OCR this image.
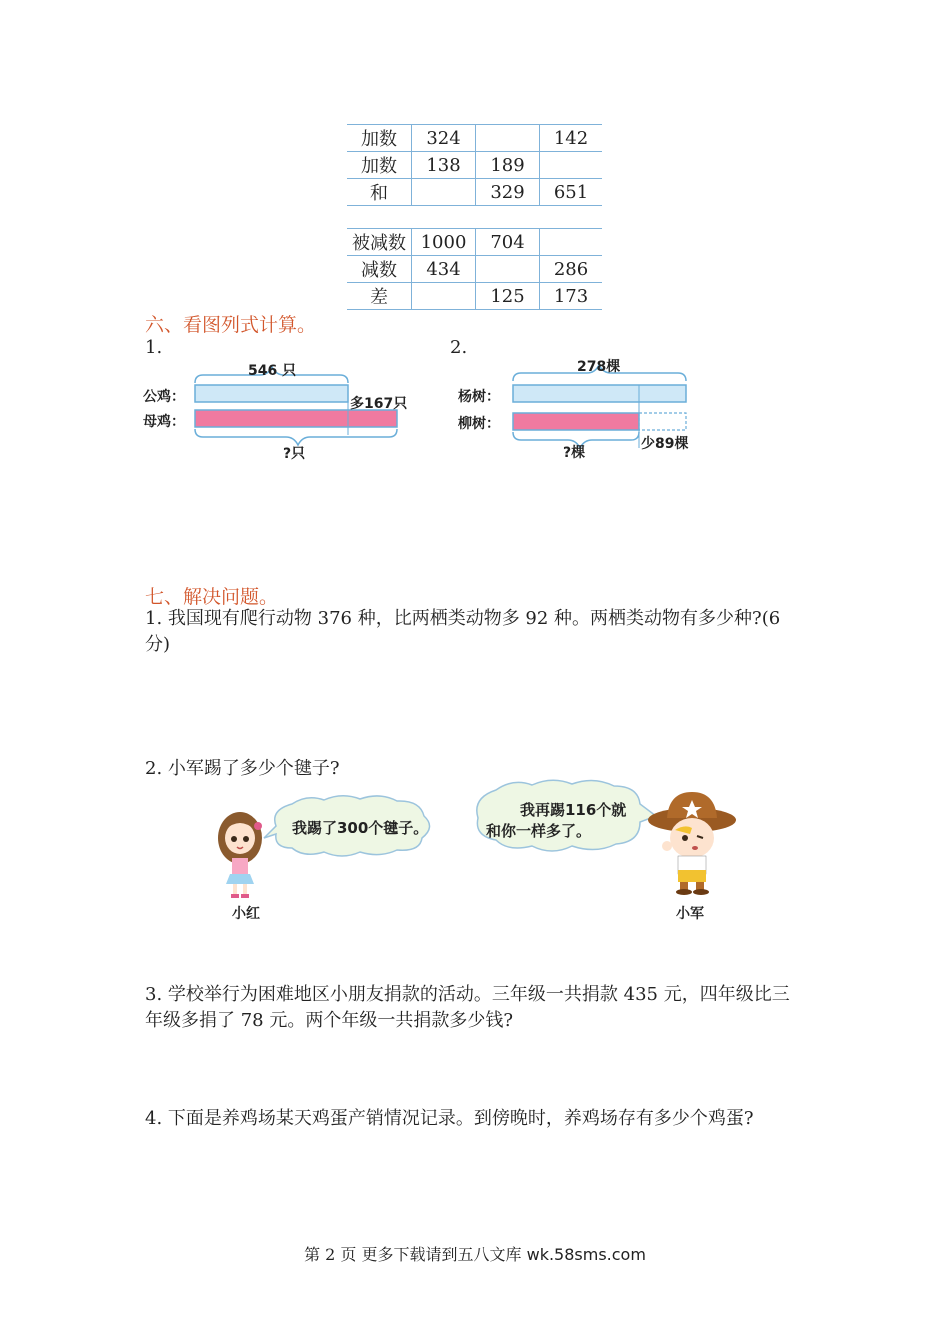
加数	324		142
加数	138	189	
和		329	651
被减数	1000	704	
减数	434		286
差		125	173
六、看图列式计算。
1.	2.
546 只
公鸡：
母鸡：
多167只
?只
278棵
杨树：
柳树：
少89棵
?棵
七、解决问题。
1. 我国现有爬行动物 376 种，比两栖类动物多 92 种。两栖类动物有多少种?(6
分)
2. 小军踢了多少个毽子?
小红
我踢了300个毽子。
我再踢116个就
和你一样多了。
小军
3. 学校举行为困难地区小朋友捐款的活动。三年级一共捐款 435 元，四年级比三
年级多捐了 78 元。两个年级一共捐款多少钱?
4. 下面是养鸡场某天鸡蛋产销情况记录。到傍晚时，养鸡场存有多少个鸡蛋?
第 2 页 更多下载请到五八文库 wk.58sms.com
